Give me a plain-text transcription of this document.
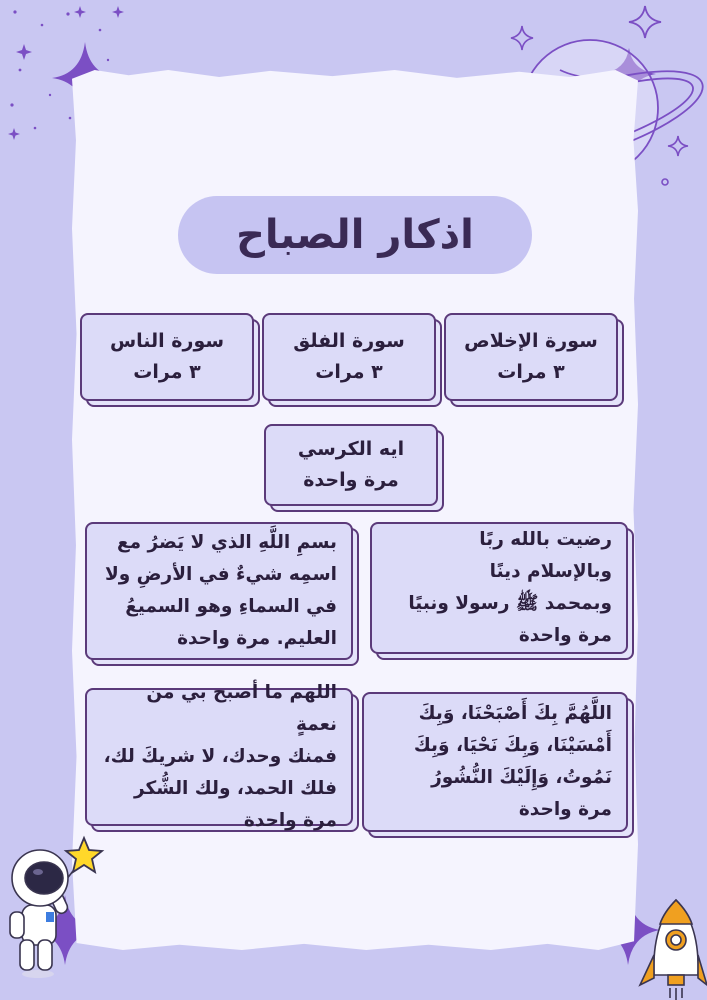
اذكار الصباح

سورة الإخلاص

٣ مرات

سورة الفلق

٣ مرات

سورة الناس

٣ مرات

ايه الكرسي

مرة واحدة

رضيت بالله ربًا

وبالإسلام دينًا

وبمحمد ﷺ رسولا ونبيًا

مرة واحدة

بسمِ اللَّهِ الذي لا يَضرُ مع

اسمِه شيءٌ في الأرضِ ولا

في السماءِ وهو السميعُ

العليم. مرة واحدة

اللَّهُمَّ بِكَ أَصْبَحْنَا، وَبِكَ

أَمْسَيْنَا، وَبِكَ نَحْيَا، وَبِكَ

نَمُوتُ، وَإِلَيْكَ النُّشُورُ

مرة واحدة

اللهم ما أصبح بي من نعمةٍ

فمنك وحدك، لا شريكَ لك،

فلك الحمد، ولك الشُّكر

مرة واحدة
